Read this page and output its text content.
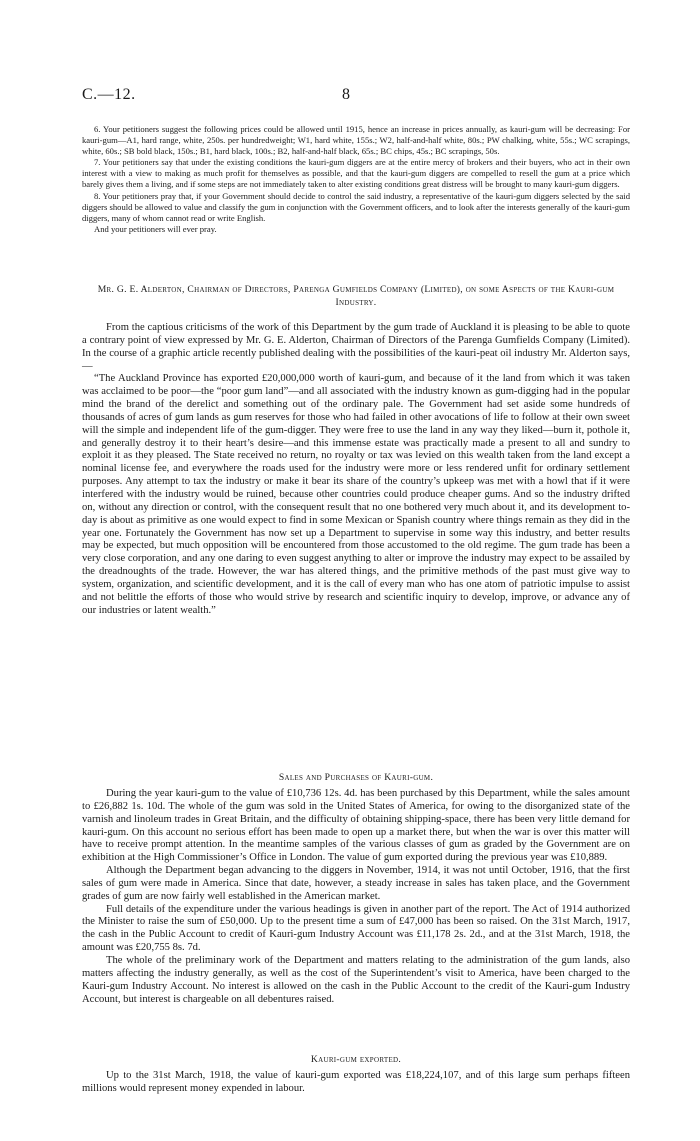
C.—12.	8

6. Your petitioners suggest the following prices could be allowed until 1915, hence an increase in prices annually, as kauri-gum will be decreasing: For kauri-gum—A1, hard range, white, 250s. per hundredweight; W1, hard white, 155s.; W2, half-and-half white, 80s.; PW chalking, white, 55s.; WC scrapings, white, 60s.; SB bold black, 150s.; B1, hard black, 100s.; B2, half-and-half black, 65s.; BC chips, 45s.; BC scrapings, 50s.

7. Your petitioners say that under the existing conditions the kauri-gum diggers are at the entire mercy of brokers and their buyers, who act in their own interest with a view to making as much profit for themselves as possible, and that the kauri-gum diggers are compelled to resell the gum at a price which barely gives them a living, and if some steps are not immediately taken to alter existing conditions great distress will be brought to many kauri-gum diggers.

8. Your petitioners pray that, if your Government should decide to control the said industry, a representative of the kauri-gum diggers selected by the said diggers should be allowed to value and classify the gum in conjunction with the Government officers, and to look after the interests generally of the kauri-gum diggers, many of whom cannot read or write English.

And your petitioners will ever pray.

Mr. G. E. Alderton, Chairman of Directors, Parenga Gumfields Company (Limited), on some Aspects of the Kauri-gum Industry.

From the captious criticisms of the work of this Department by the gum trade of Auckland it is pleasing to be able to quote a contrary point of view expressed by Mr. G. E. Alderton, Chairman of Directors of the Parenga Gumfields Company (Limited). In the course of a graphic article recently published dealing with the possibilities of the kauri-peat oil industry Mr. Alderton says,—

“The Auckland Province has exported £20,000,000 worth of kauri-gum, and because of it the land from which it was taken was acclaimed to be poor—the “poor gum land”—and all associated with the industry known as gum-digging had in the popular mind the brand of the derelict and something out of the ordinary pale. The Government had set aside some hundreds of thousands of acres of gum lands as gum reserves for those who had failed in other avocations of life to follow at their own sweet will the simple and independent life of the gum-digger. They were free to use the land in any way they liked—burn it, pothole it, and generally destroy it to their heart’s desire—and this immense estate was practically made a present to all and sundry to exploit it as they pleased. The State received no return, no royalty or tax was levied on this wealth taken from the land except a nominal license fee, and everywhere the roads used for the industry were more or less rendered unfit for ordinary settlement purposes. Any attempt to tax the industry or make it bear its share of the country’s upkeep was met with a howl that if it were interfered with the industry would be ruined, because other countries could produce cheaper gums. And so the industry drifted on, without any direction or control, with the consequent result that no one bothered very much about it, and its development to-day is about as primitive as one would expect to find in some Mexican or Spanish country where things remain as they did in the year one. Fortunately the Government has now set up a Department to supervise in some way this industry, and better results may be expected, but much opposition will be encountered from those accustomed to the old regime. The gum trade has been a very close corporation, and any one daring to even suggest anything to alter or improve the industry may expect to be assailed by the dreadnoughts of the trade. However, the war has altered things, and the primitive methods of the past must give way to system, organization, and scientific development, and it is the call of every man who has one atom of patriotic impulse to assist and not belittle the efforts of those who would strive by research and scientific inquiry to develop, improve, or advance any of our industries or latent wealth.”

Sales and Purchases of Kauri-gum.

During the year kauri-gum to the value of £10,736 12s. 4d. has been purchased by this Department, while the sales amount to £26,882 1s. 10d. The whole of the gum was sold in the United States of America, for owing to the disorganized state of the varnish and linoleum trades in Great Britain, and the difficulty of obtaining shipping-space, there has been very little demand for kauri-gum. On this account no serious effort has been made to open up a market there, but when the war is over this matter will have to receive prompt attention. In the meantime samples of the various classes of gum as graded by the Government are on exhibition at the High Commissioner’s Office in London. The value of gum exported during the previous year was £10,889.

Although the Department began advancing to the diggers in November, 1914, it was not until October, 1916, that the first sales of gum were made in America. Since that date, however, a steady increase in sales has taken place, and the Government grades of gum are now fairly well established in the American market.

Full details of the expenditure under the various headings is given in another part of the report. The Act of 1914 authorized the Minister to raise the sum of £50,000. Up to the present time a sum of £47,000 has been so raised. On the 31st March, 1917, the cash in the Public Account to credit of Kauri-gum Industry Account was £11,178 2s. 2d., and at the 31st March, 1918, the amount was £20,755 8s. 7d.

The whole of the preliminary work of the Department and matters relating to the administration of the gum lands, also matters affecting the industry generally, as well as the cost of the Superintendent’s visit to America, have been charged to the Kauri-gum Industry Account. No interest is allowed on the cash in the Public Account to the credit of the Kauri-gum Industry Account, but interest is chargeable on all debentures raised.

Kauri-gum exported.

Up to the 31st March, 1918, the value of kauri-gum exported was £18,224,107, and of this large sum perhaps fifteen millions would represent money expended in labour.
